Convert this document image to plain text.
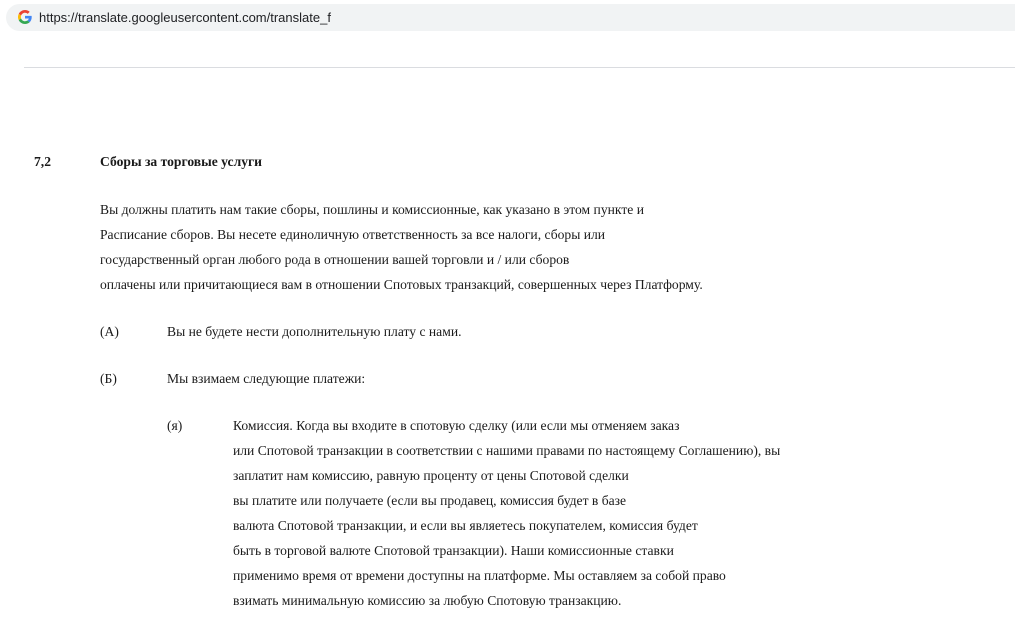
https://translate.googleusercontent.com/translate_f
7,2	Сборы за торговые услуги
Вы должны платить нам такие сборы, пошлины и комиссионные, как указано в этом пункте и
Расписание сборов. Вы несете единоличную ответственность за все налоги, сборы или
государственный орган любого рода в отношении вашей торговли и / или сборов
оплачены или причитающиеся вам в отношении Спотовых транзакций, совершенных через Платформу.
(А)	Вы не будете нести дополнительную плату с нами.
(Б)	Мы взимаем следующие платежи:
(я)	Комиссия. Когда вы входите в спотовую сделку (или если мы отменяем заказ
или Спотовой транзакции в соответствии с нашими правами по настоящему Соглашению), вы
заплатит нам комиссию, равную проценту от цены Спотовой сделки
вы платите или получаете (если вы продавец, комиссия будет в базе
валюта Спотовой транзакции, и если вы являетесь покупателем, комиссия будет
быть в торговой валюте Спотовой транзакции). Наши комиссионные ставки
применимо время от времени доступны на платформе. Мы оставляем за собой право
взимать минимальную комиссию за любую Спотовую транзакцию.
